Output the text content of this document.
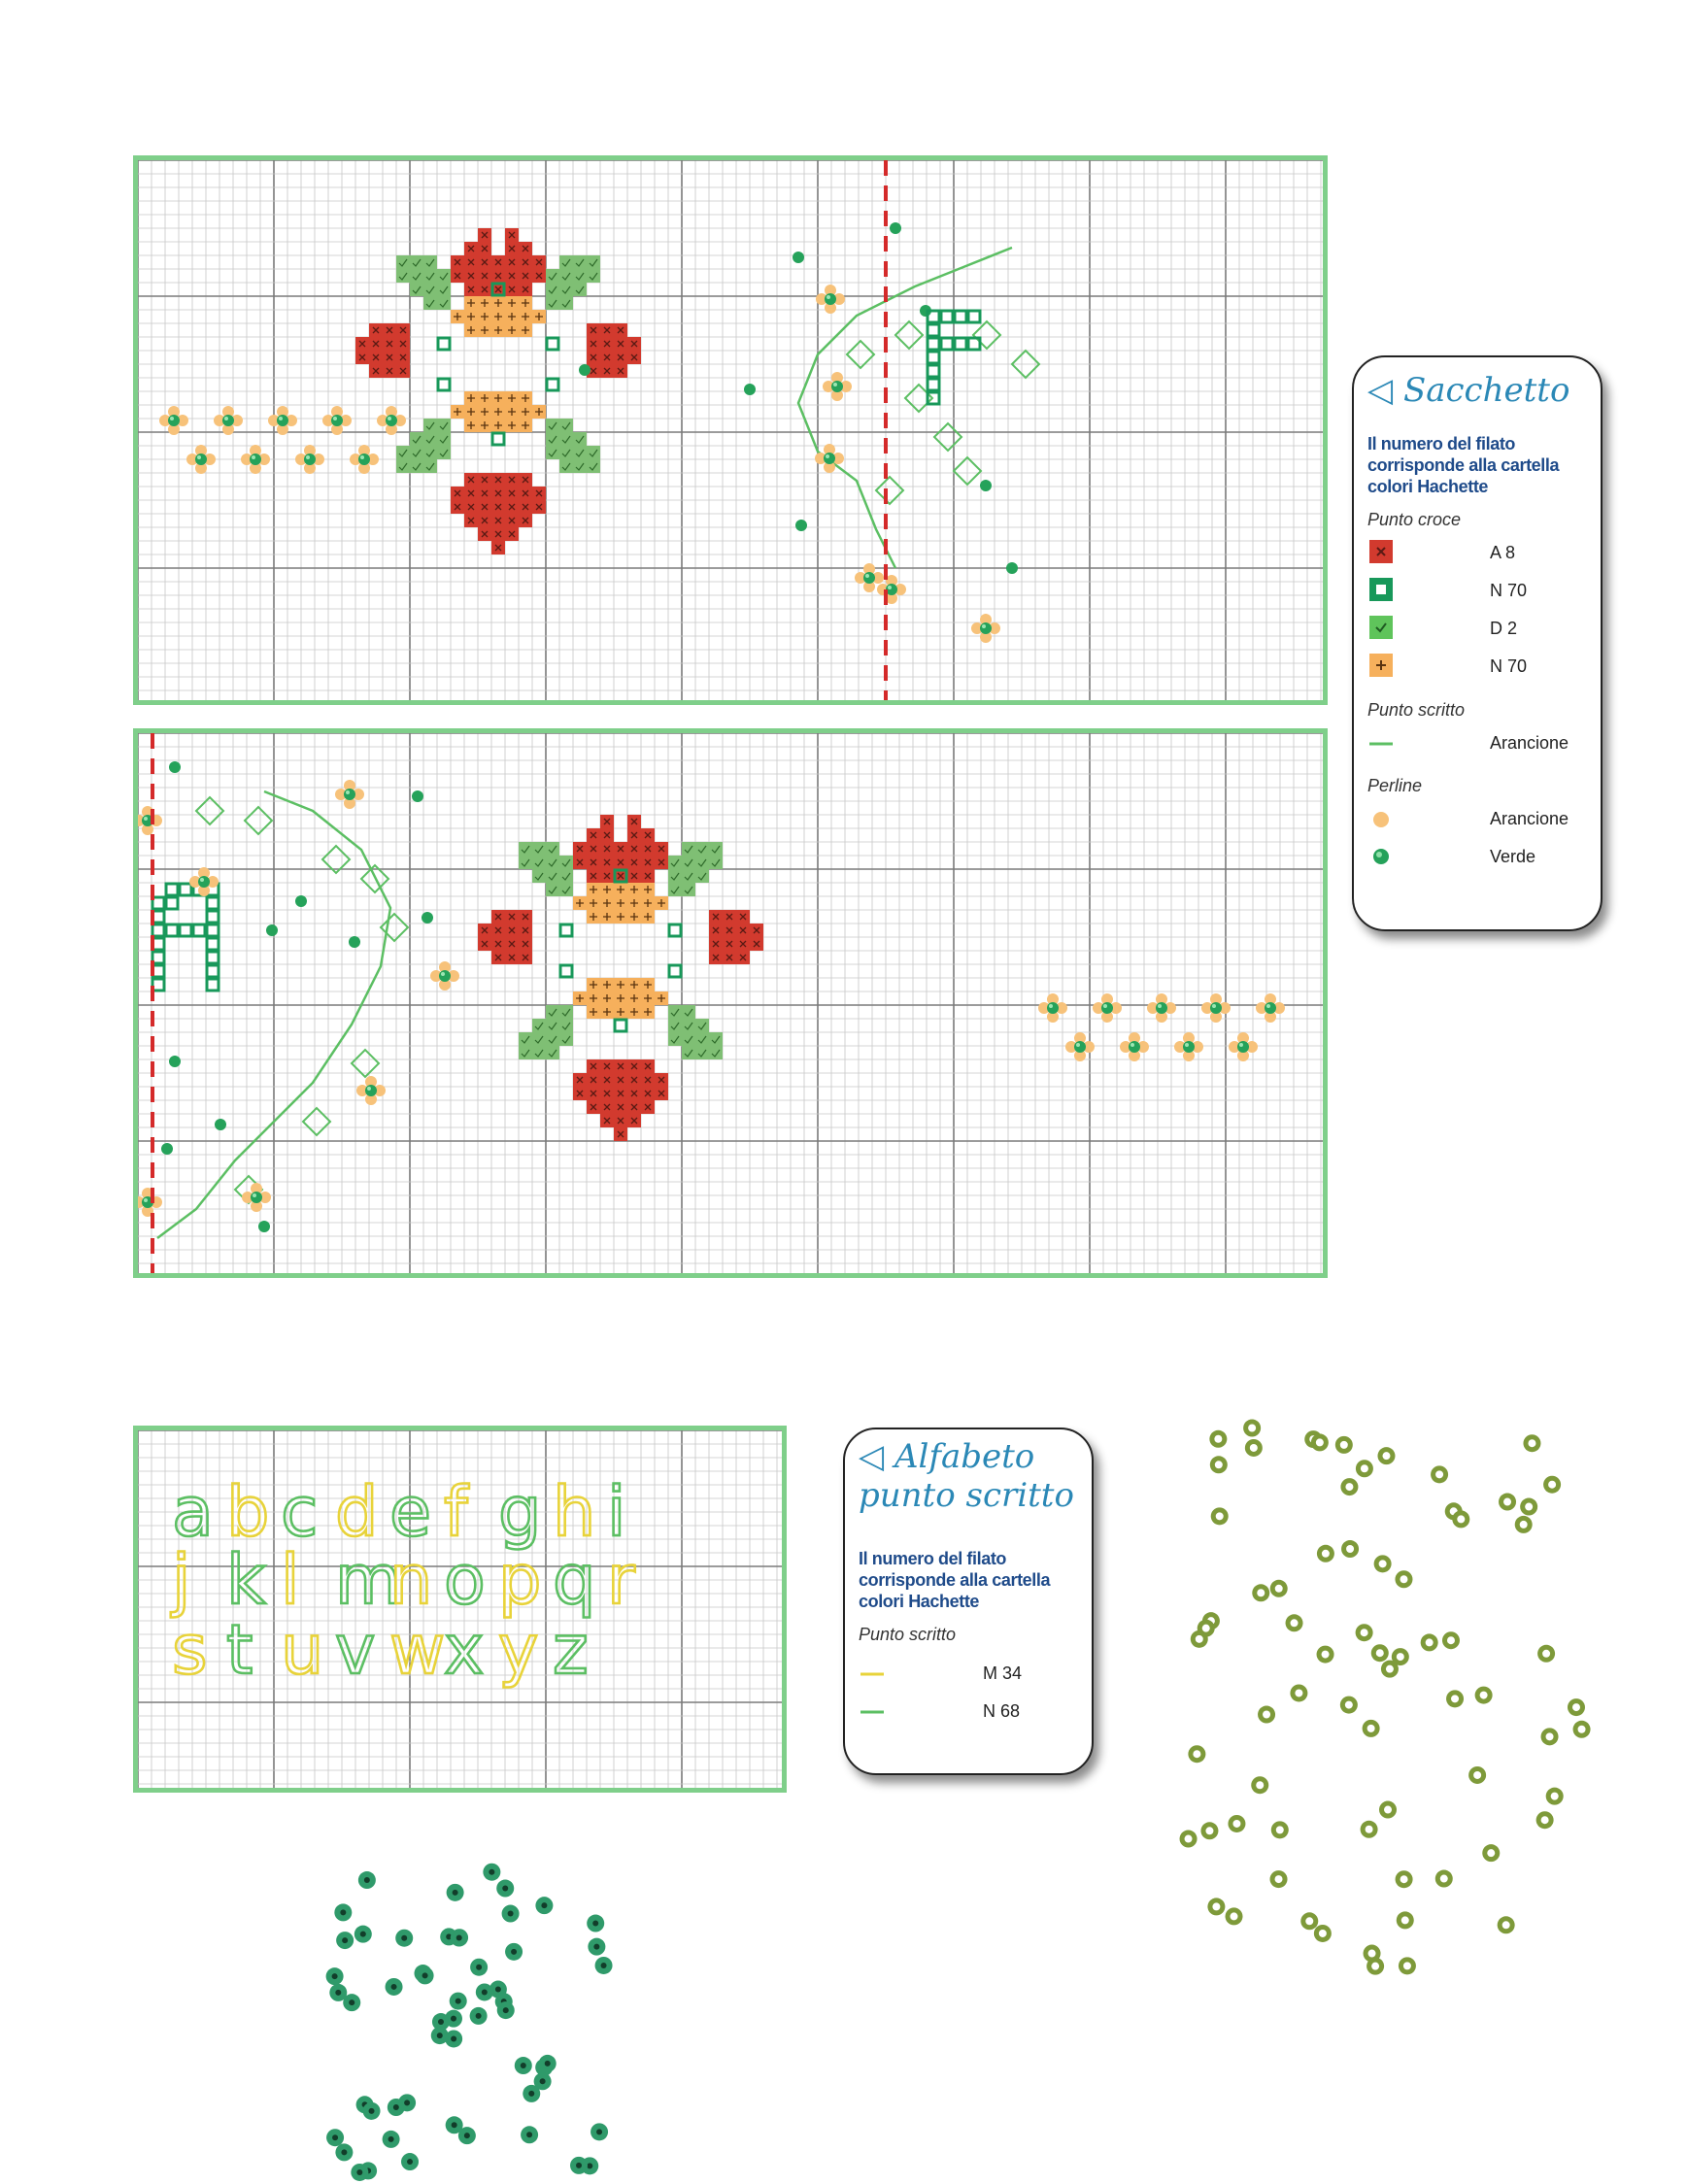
a b c d e f g h i
j k l m
n o p q r
s t u v w
x y z
◁ Sacchetto
Il numero del filato
corrisponde alla cartella
colori Hachette
Punto croce
A 8
N 70
D 2
N 70
Punto scritto
Arancione
Perline
Arancione
Verde
◁ Alfabeto
punto scritto
Il numero del filato
corrisponde alla cartella
colori Hachette
Punto scritto
M 34
N 68
